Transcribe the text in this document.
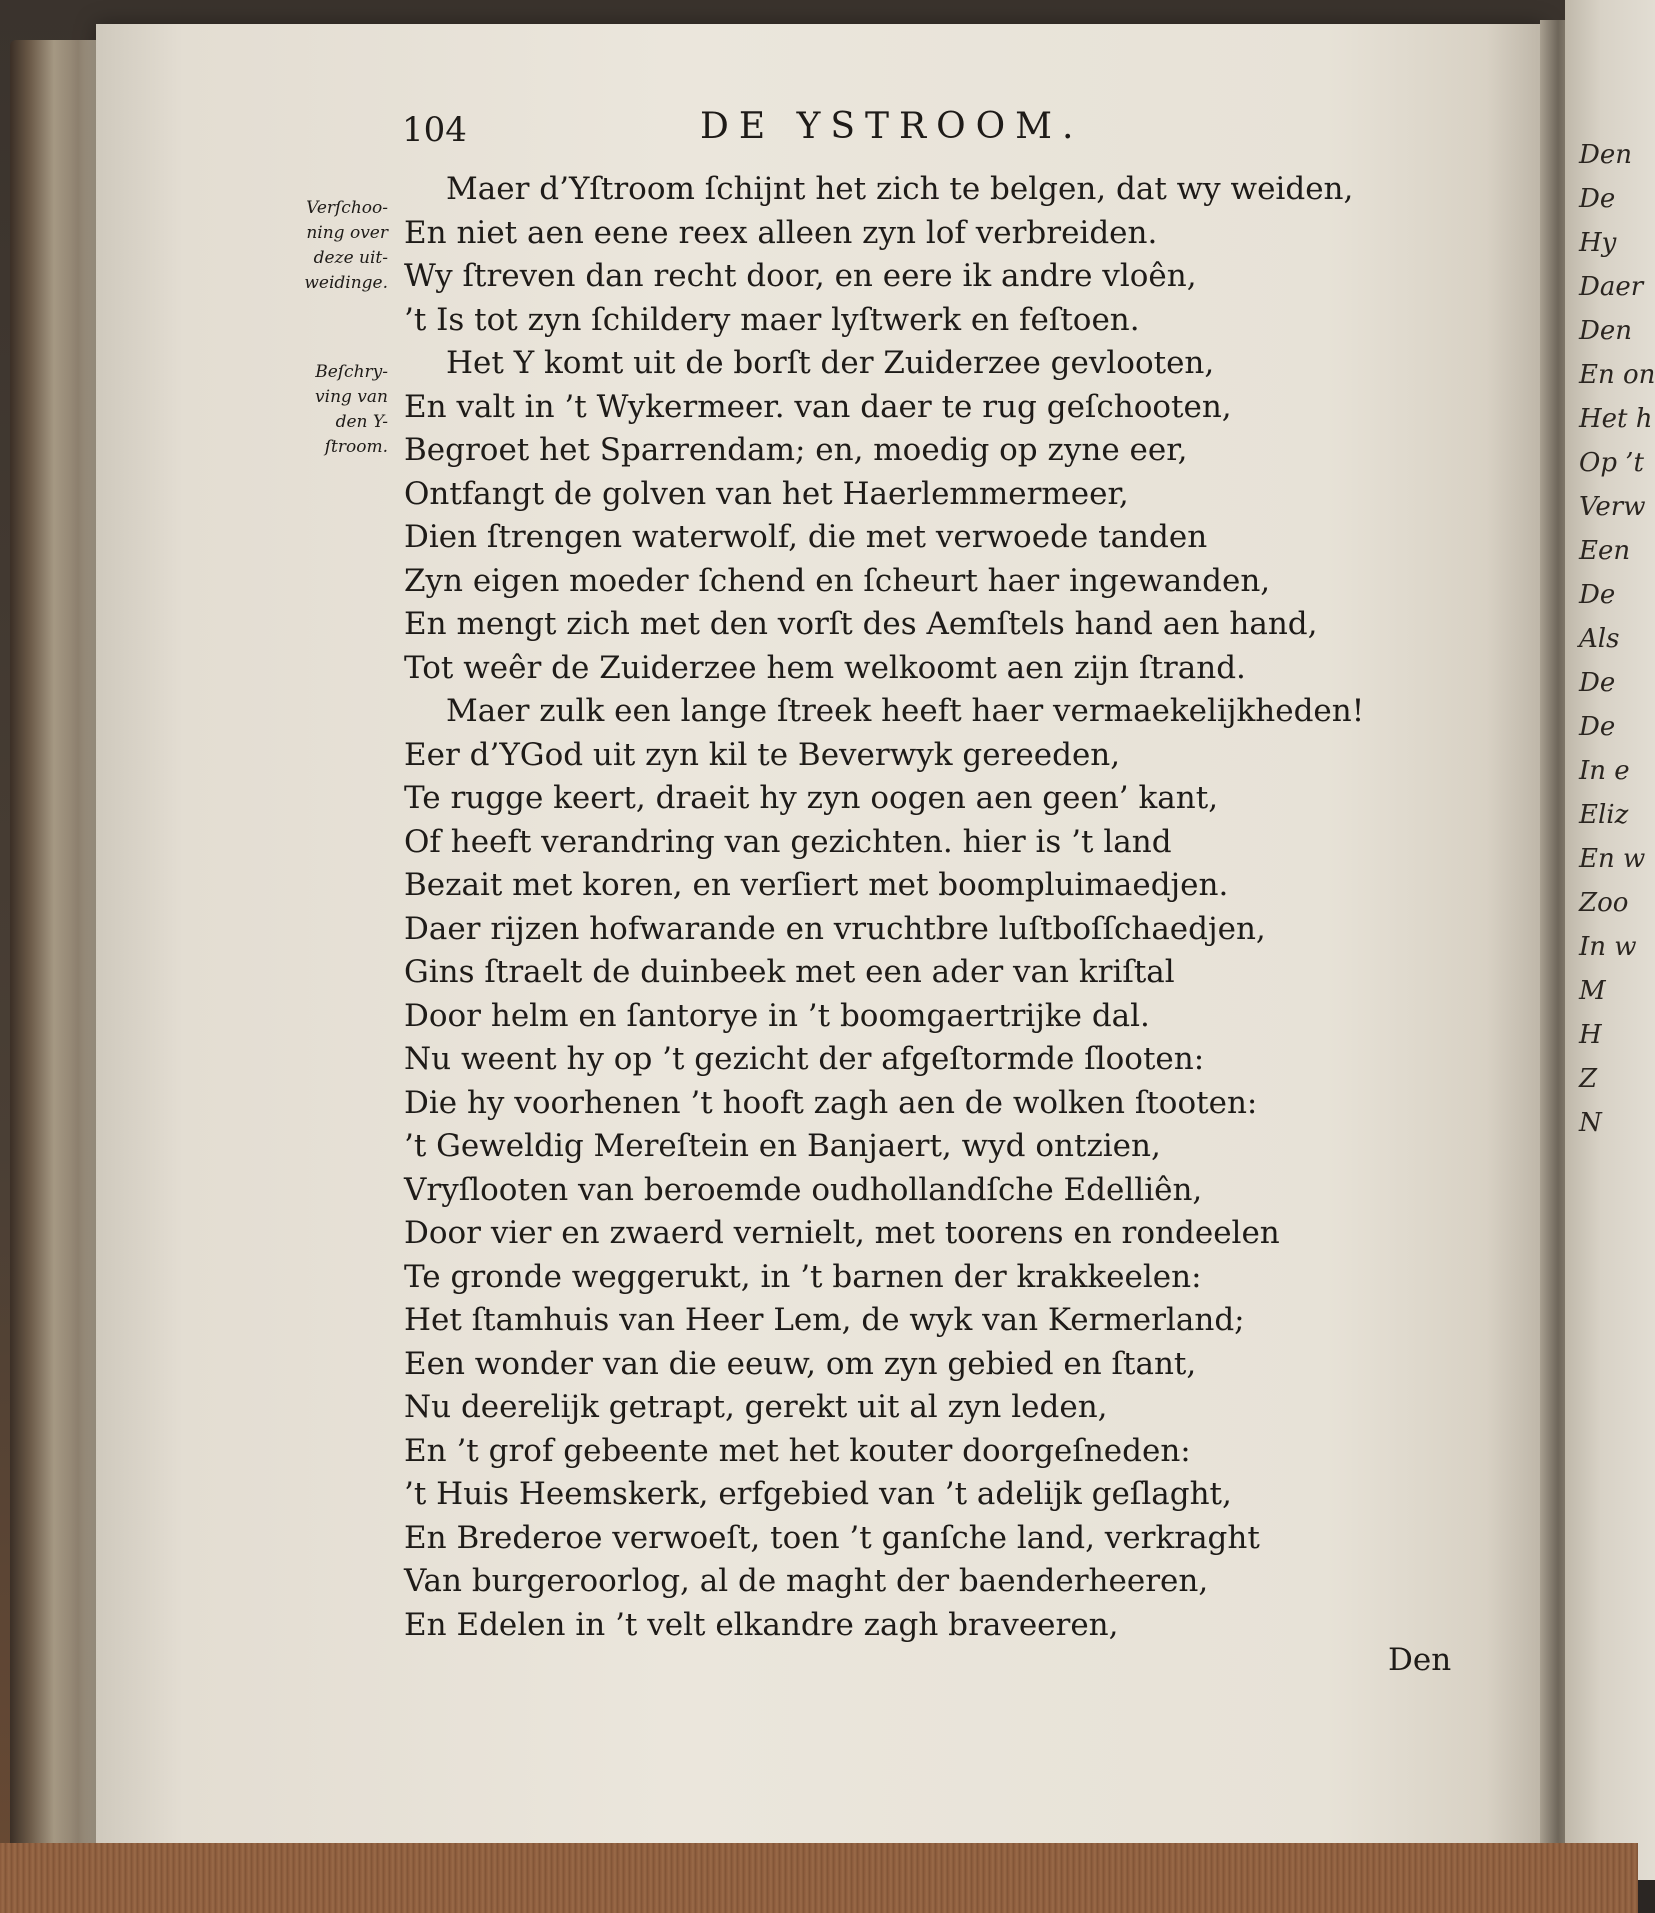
Den
De
Hy
Daer
Den
En on
Het h
Op ’t
Verw
Een
De
Als
De
De
In e
Eliz
En w
Zoo
In w
M
H
Z
N
104	DE YSTROOM.
Verſchoo-
ning over
deze uit-
weidinge.
Beſchry-
ving van
den Y-
ſtroom.
Maer d’Yſtroom ſchijnt het zich te belgen, dat wy weiden,
En niet aen eene reex alleen zyn lof verbreiden.
Wy ſtreven dan recht door, en eere ik andre vloên,
’t Is tot zyn ſchildery maer lyſtwerk en feſtoen.
Het Y komt uit de borſt der Zuiderzee gevlooten,
En valt in ’t Wykermeer. van daer te rug geſchooten,
Begroet het Sparrendam; en, moedig op zyne eer,
Ontfangt de golven van het Haerlemmermeer,
Dien ſtrengen waterwolf, die met verwoede tanden
Zyn eigen moeder ſchend en ſcheurt haer ingewanden,
En mengt zich met den vorſt des Aemſtels hand aen hand,
Tot weêr de Zuiderzee hem welkoomt aen zijn ſtrand.
Maer zulk een lange ſtreek heeft haer vermaekelijkheden!
Eer d’YGod uit zyn kil te Beverwyk gereeden,
Te rugge keert, draeit hy zyn oogen aen geen’ kant,
Of heeft verandring van gezichten. hier is ’t land
Bezait met koren, en verſiert met boompluimaedjen.
Daer rijzen hofwarande en vruchtbre luſtboſſchaedjen,
Gins ſtraelt de duinbeek met een ader van kriſtal
Door helm en ſantorye in ’t boomgaertrijke dal.
Nu weent hy op ’t gezicht der afgeſtormde ſlooten:
Die hy voorhenen ’t hooft zagh aen de wolken ſtooten:
’t Geweldig Mereſtein en Banjaert, wyd ontzien,
Vryſlooten van beroemde oudhollandſche Edelliên,
Door vier en zwaerd vernielt, met toorens en rondeelen
Te gronde weggerukt, in ’t barnen der krakkeelen:
Het ſtamhuis van Heer Lem, de wyk van Kermerland;
Een wonder van die eeuw, om zyn gebied en ſtant,
Nu deerelijk getrapt, gerekt uit al zyn leden,
En ’t grof gebeente met het kouter doorgeſneden:
’t Huis Heemskerk, erfgebied van ’t adelijk geſlaght,
En Brederoe verwoeſt, toen ’t ganſche land, verkraght
Van burgeroorlog, al de maght der baenderheeren,
En Edelen in ’t velt elkandre zagh braveeren,
Den
